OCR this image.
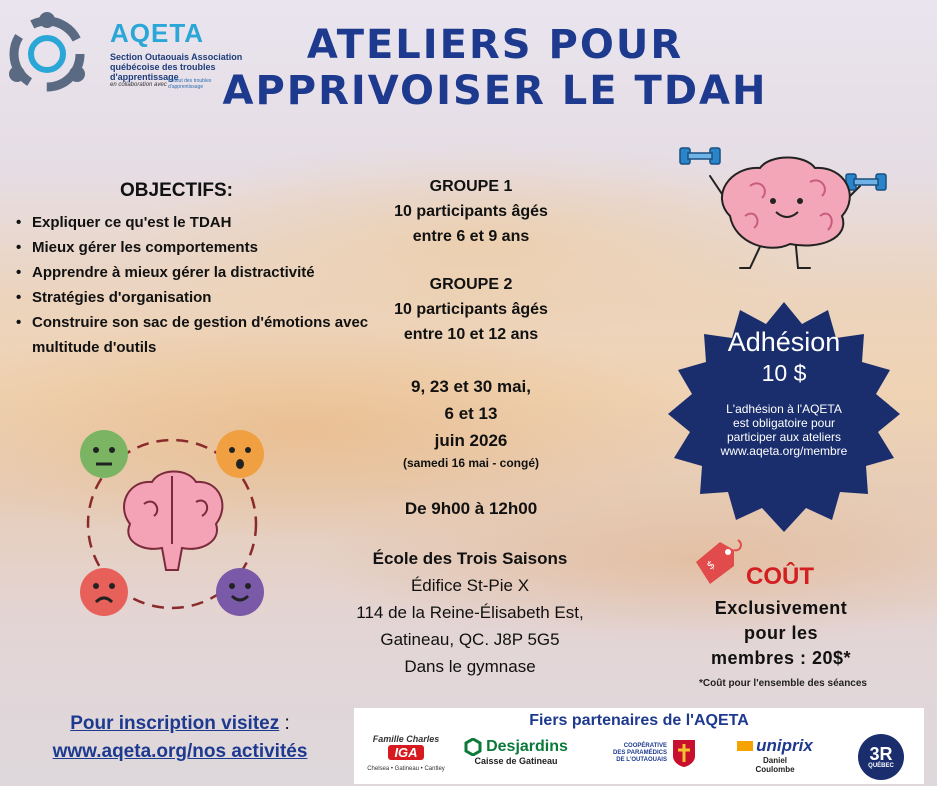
AQETA
Section Outaouais Association québécoise des troubles d'apprentissage
en collaboration avec
Institut des troubles d'apprentissage
ATELIERS POUR
APPRIVOISER LE TDAH
OBJECTIFS:
• Expliquer ce qu'est le TDAH
• Mieux gérer les comportements
• Apprendre à mieux gérer la distractivité
• Stratégies d'organisation
• Construire son sac de gestion d'émotions avec multitude d'outils
GROUPE 1
10 participants âgés
entre 6 et 9 ans
GROUPE 2
10 participants âgés
entre 10 et 12 ans
9, 23 et 30 mai,
6 et 13
juin 2026
(samedi 16 mai - congé)
De 9h00 à 12h00
École des Trois Saisons
Édifice St-Pie X
114 de la Reine-Élisabeth Est,
Gatineau, QC. J8P 5G5
Dans le gymnase
Adhésion
10 $
L'adhésion à l'AQETA
est obligatoire pour
participer aux ateliers
www.aqeta.org/membre
$ COÛT
Exclusivement
pour les
membres : 20$*
*Coût pour l'ensemble des séances
Pour inscription visitez :
www.aqeta.org/nos activités
Fiers partenaires de l'AQETA
Famille Charles
IGA
Chelsea • Gatineau • Cantley
Desjardins
Caisse de Gatineau
COOPÉRATIVE
DES PARAMÉDICS
DE L'OUTAOUAIS
uniprix
Daniel
Coulombe
3R
QUÉBEC
